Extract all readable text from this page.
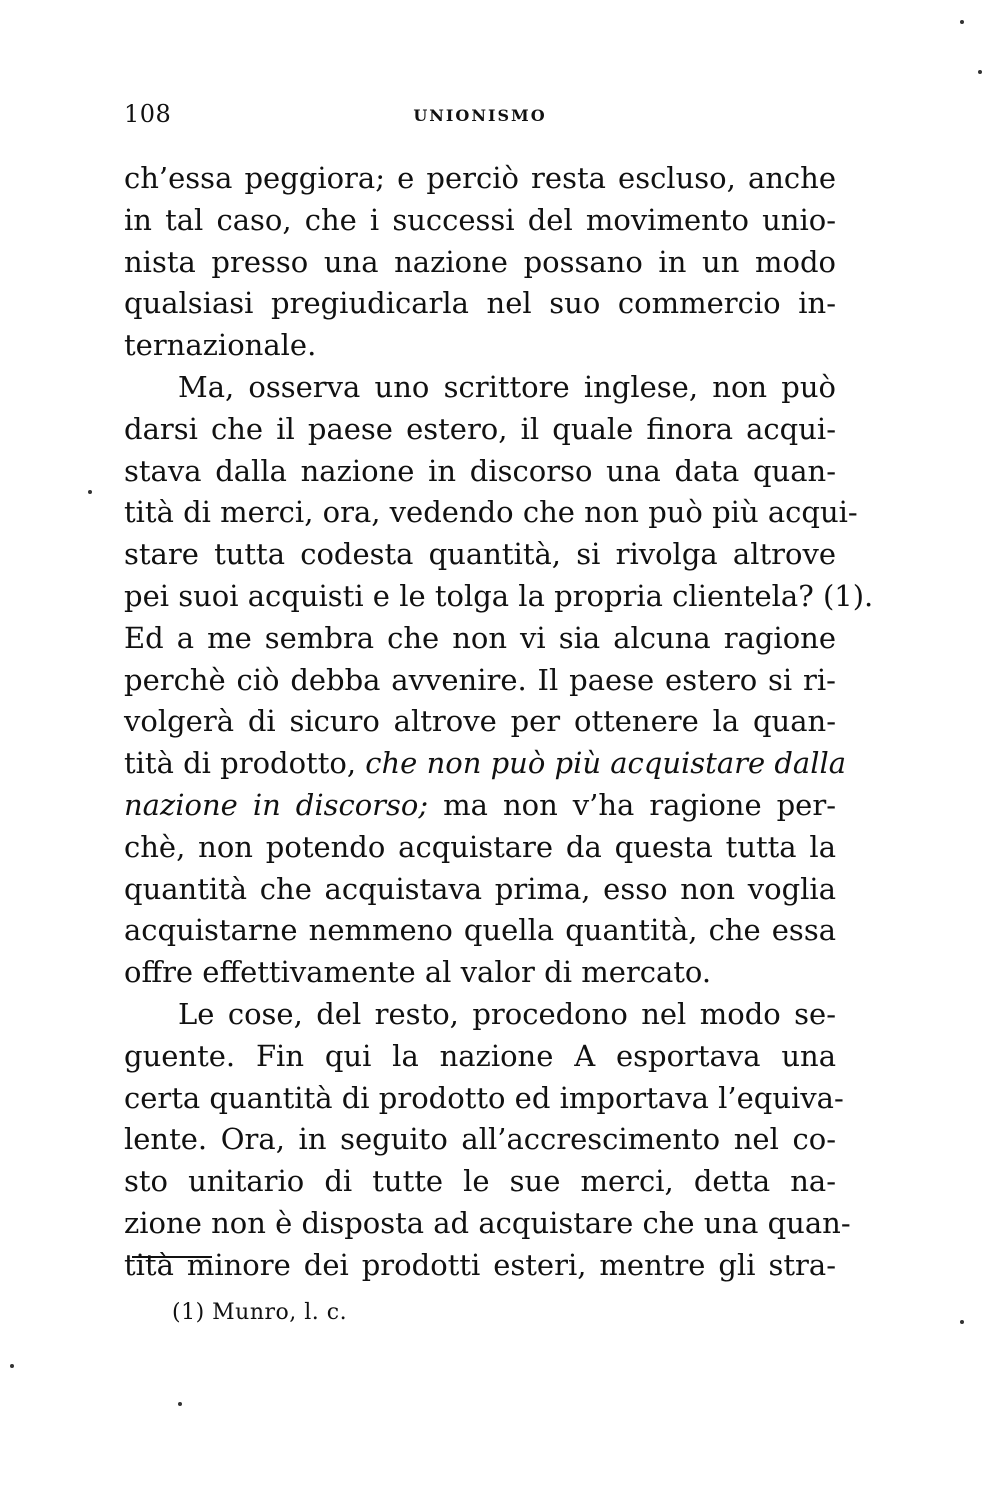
108	UNIONISMO
ch’essa peggiora; e perciò resta escluso, anche
in tal caso, che i successi del movimento unio-
nista presso una nazione possano in un modo
qualsiasi pregiudicarla nel suo commercio in-
ternazionale.
Ma, osserva uno scrittore inglese, non può
darsi che il paese estero, il quale finora acqui-
stava dalla nazione in discorso una data quan-
tità di merci, ora, vedendo che non può più acqui-
stare tutta codesta quantità, si rivolga altrove
pei suoi acquisti e le tolga la propria clientela? (1).
Ed a me sembra che non vi sia alcuna ragione
perchè ciò debba avvenire. Il paese estero si ri-
volgerà di sicuro altrove per ottenere la quan-
tità di prodotto, che non può più acquistare dalla
nazione in discorso; ma non v’ha ragione per-
chè, non potendo acquistare da questa tutta la
quantità che acquistava prima, esso non voglia
acquistarne nemmeno quella quantità, che essa
offre effettivamente al valor di mercato.
Le cose, del resto, procedono nel modo se-
guente. Fin qui la nazione A esportava una
certa quantità di prodotto ed importava l’equiva-
lente. Ora, in seguito all’accrescimento nel co-
sto unitario di tutte le sue merci, detta na-
zione non è disposta ad acquistare che una quan-
tità minore dei prodotti esteri, mentre gli stra-
(1) Munro, l. c.
